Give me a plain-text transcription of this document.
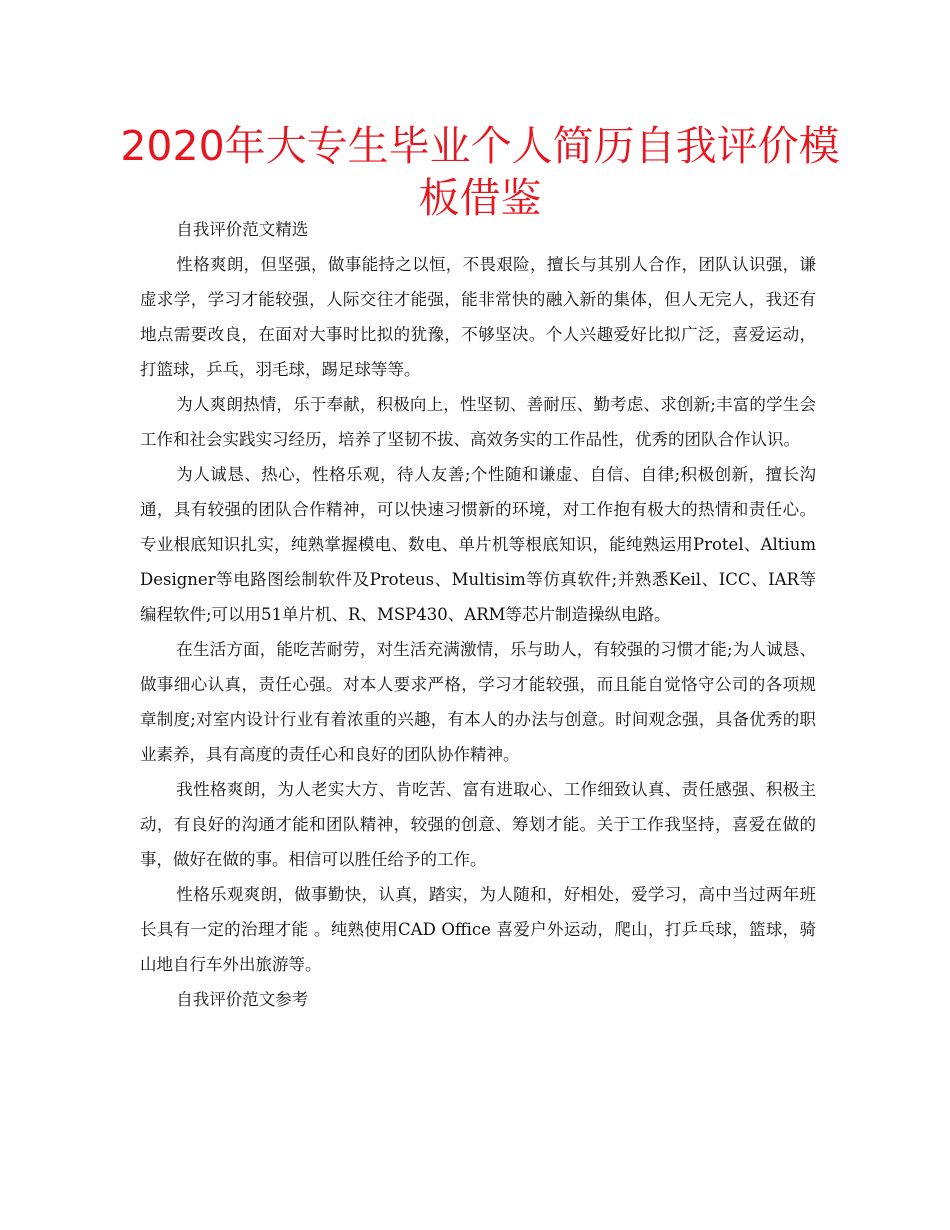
2020年大专生毕业个人简历自我评价模板借鉴

自我评价范文精选

性格爽朗，但坚强，做事能持之以恒，不畏艰险，擅长与其别人合作，团队认识强，谦虚求学，学习才能较强，人际交往才能强，能非常快的融入新的集体，但人无完人，我还有地点需要改良，在面对大事时比拟的犹豫，不够坚决。个人兴趣爱好比拟广泛，喜爱运动，打篮球，乒乓，羽毛球，踢足球等等。

为人爽朗热情，乐于奉献，积极向上，性坚韧、善耐压、勤考虑、求创新;丰富的学生会工作和社会实践实习经历，培养了坚韧不拔、高效务实的工作品性，优秀的团队合作认识。

为人诚恳、热心，性格乐观，待人友善;个性随和谦虚、自信、自律;积极创新，擅长沟通，具有较强的团队合作精神，可以快速习惯新的环境，对工作抱有极大的热情和责任心。专业根底知识扎实，纯熟掌握模电、数电、单片机等根底知识，能纯熟运用Protel、Altium Designer等电路图绘制软件及Proteus、Multisim等仿真软件;并熟悉Keil、ICC、IAR等编程软件;可以用51单片机、R、MSP430、ARM等芯片制造操纵电路。

在生活方面，能吃苦耐劳，对生活充满激情，乐与助人，有较强的习惯才能;为人诚恳、做事细心认真，责任心强。对本人要求严格，学习才能较强，而且能自觉恪守公司的各项规章制度;对室内设计行业有着浓重的兴趣，有本人的办法与创意。时间观念强，具备优秀的职业素养，具有高度的责任心和良好的团队协作精神。

我性格爽朗，为人老实大方、肯吃苦、富有进取心、工作细致认真、责任感强、积极主动，有良好的沟通才能和团队精神，较强的创意、筹划才能。关于工作我坚持，喜爱在做的事，做好在做的事。相信可以胜任给予的工作。

性格乐观爽朗，做事勤快，认真，踏实，为人随和，好相处，爱学习，高中当过两年班长具有一定的治理才能 。纯熟使用CAD Office 喜爱户外运动，爬山，打乒乓球，篮球，骑山地自行车外出旅游等。

自我评价范文参考
